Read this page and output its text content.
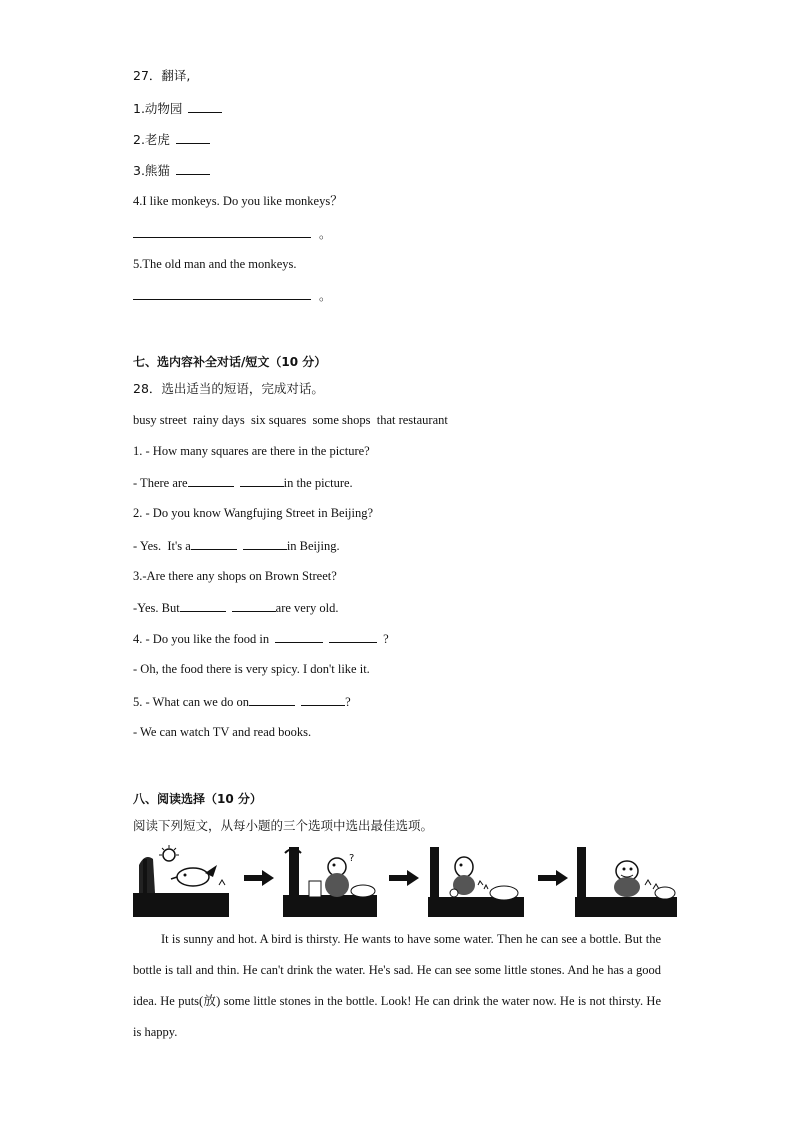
27．翻译,
1.动物园
2.老虎
3.熊猫
4.I like monkeys. Do you like monkeys？
。
5.The old man and the monkeys.
。
七、选内容补全对话/短文（10 分）
28．选出适当的短语，完成对话。
busy street  rainy days  six squares  some shops  that restaurant
1. - How many squares are there in the picture?
- There are	in the picture.
2. - Do you know Wangfujing Street in Beijing?
- Yes.  It's a	in Beijing.
3.-Are there any shops on Brown Street?
-Yes. But	are very old.
4. - Do you like the food in	?
- Oh, the food there is very spicy. I don't like it.
5. - What can we do on	?
- We can watch TV and read books.
八、阅读选择（10 分）
阅读下列短文，从每小题的三个选项中选出最佳选项。
?
It is sunny and hot. A bird is thirsty. He wants to have some water. Then he can see a bottle. But the bottle is tall and thin. He can't drink the water. He's sad. He can see some little stones. And he has a good idea. He puts(放) some little stones in the bottle. Look! He can drink the water now. He is not thirsty. He is happy.
